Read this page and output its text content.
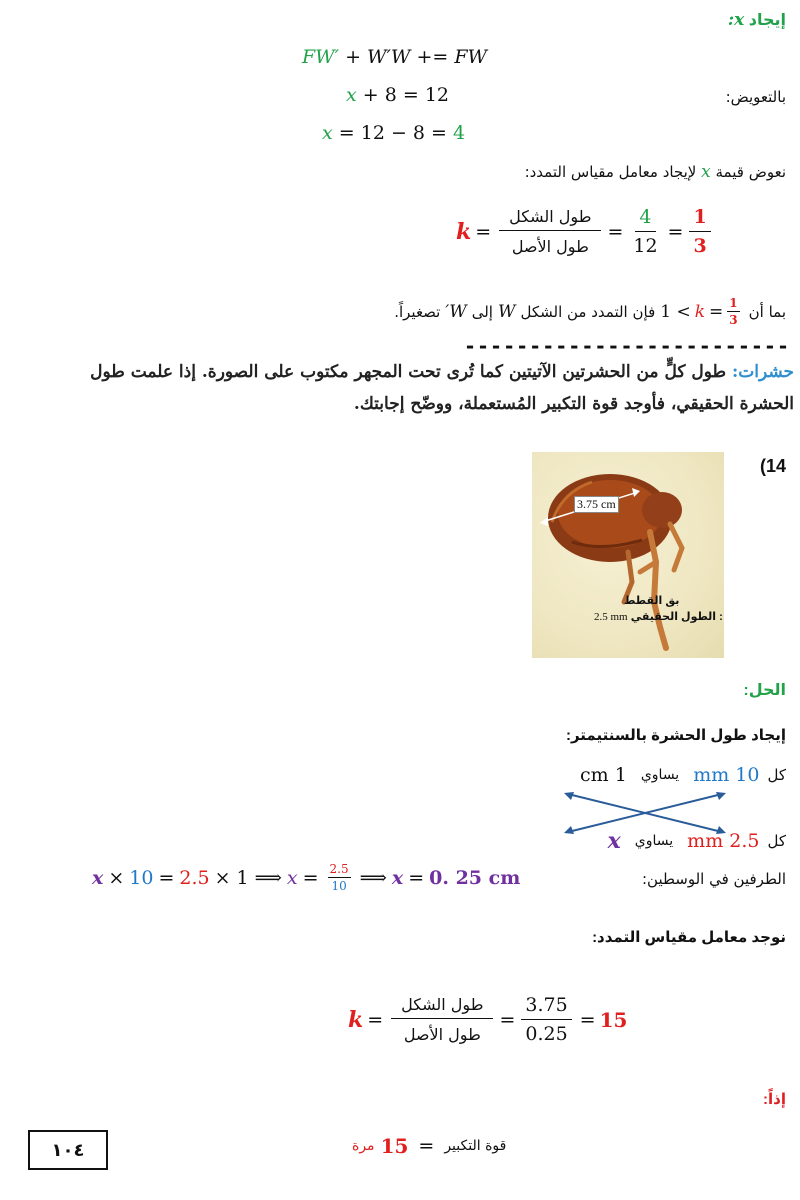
إيجاد x:
FW′ + W′W += FW
بالتعويض:
x + 8 = 12
x = 12 − 8 = 4
نعوض قيمة x لإيجاد معامل مقياس التمدد:
$k = \frac{\text{طول الشكل}}{\text{طول الأصل}} = \frac{4}{12} = \frac{1}{3}$
بما أن
$1 < k = \frac{1}{3}$
فإن التمدد من الشكل
W
إلى
W′
تصغيراً.
-------------------------
حشرات: طول كلٍّ من الحشرتين الآتيتين كما تُرى تحت المجهر مكتوب على الصورة. إذا علمت طول
الحشرة الحقيقي، فأوجد قوة التكبير المُستعملة، ووضّح إجابتك.
(14
3.75 cm
بق القطط
2.5 mm الطول الحقيقي :
الحل:
إيجاد طول الحشرة بالسنتيمتر:
كل
10 mm
يساوي
1 cm
كل
2.5 mm
يساوي
x
الطرفين في الوسطين:
x × 10 = 2.5 × 1 ⟹ $x = \frac{2.5}{10}$ ⟹ x = 0. 25 cm
نوجد معامل مقياس التمدد:
$k = \frac{\text{طول الشكل}}{\text{طول الأصل}} = \frac{3.75}{0.25} = 15$
إذاً:
قوة التكبير
=
15
مرة
١٠٤
